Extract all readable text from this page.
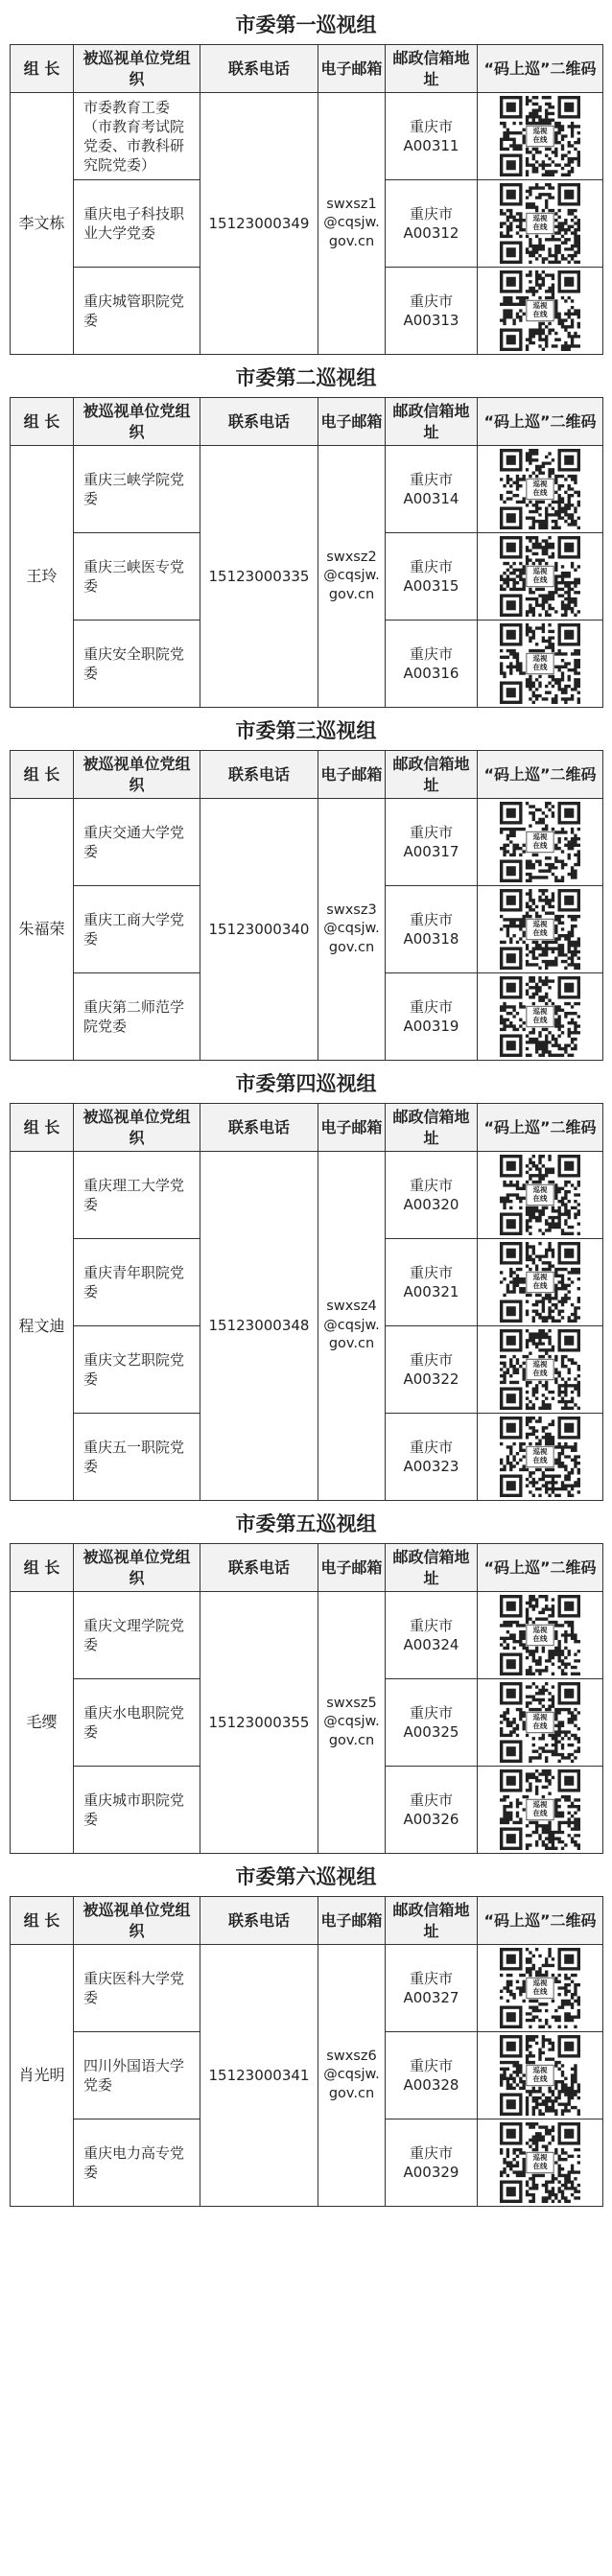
市委第一巡视组
组 长	被巡视单位党组织	联系电话	电子邮箱	邮政信箱地址	“码上巡”二维码
李文栋	市委教育工委（市教育考试院党委、市教科研究院党委）	15123000349	swxsz1@cqsjw.gov.cn	重庆市A00311	巡视
在线

	重庆电子科技职业大学党委			重庆市A00312	巡视
在线

	重庆城管职院党委			重庆市A00313	巡视
在线
市委第二巡视组
组 长	被巡视单位党组织	联系电话	电子邮箱	邮政信箱地址	“码上巡”二维码
王玲	重庆三峡学院党委	15123000335	swxsz2@cqsjw.gov.cn	重庆市A00314	巡视
在线

	重庆三峡医专党委			重庆市A00315	巡视
在线

	重庆安全职院党委			重庆市A00316	巡视
在线
市委第三巡视组
组 长	被巡视单位党组织	联系电话	电子邮箱	邮政信箱地址	“码上巡”二维码
朱福荣	重庆交通大学党委	15123000340	swxsz3@cqsjw.gov.cn	重庆市A00317	巡视
在线

	重庆工商大学党委			重庆市A00318	巡视
在线

	重庆第二师范学院党委			重庆市A00319	巡视
在线
市委第四巡视组
组 长	被巡视单位党组织	联系电话	电子邮箱	邮政信箱地址	“码上巡”二维码
程文迪	重庆理工大学党委	15123000348	swxsz4@cqsjw.gov.cn	重庆市A00320	巡视
在线

	重庆青年职院党委			重庆市A00321	巡视
在线

	重庆文艺职院党委			重庆市A00322	巡视
在线

	重庆五一职院党委			重庆市A00323	巡视
在线
市委第五巡视组
组 长	被巡视单位党组织	联系电话	电子邮箱	邮政信箱地址	“码上巡”二维码
毛缨	重庆文理学院党委	15123000355	swxsz5@cqsjw.gov.cn	重庆市A00324	巡视
在线

	重庆水电职院党委			重庆市A00325	巡视
在线

	重庆城市职院党委			重庆市A00326	巡视
在线
市委第六巡视组
组 长	被巡视单位党组织	联系电话	电子邮箱	邮政信箱地址	“码上巡”二维码
肖光明	重庆医科大学党委	15123000341	swxsz6@cqsjw.gov.cn	重庆市A00327	巡视
在线

	四川外国语大学党委			重庆市A00328	巡视
在线

	重庆电力高专党委			重庆市A00329	巡视
在线
